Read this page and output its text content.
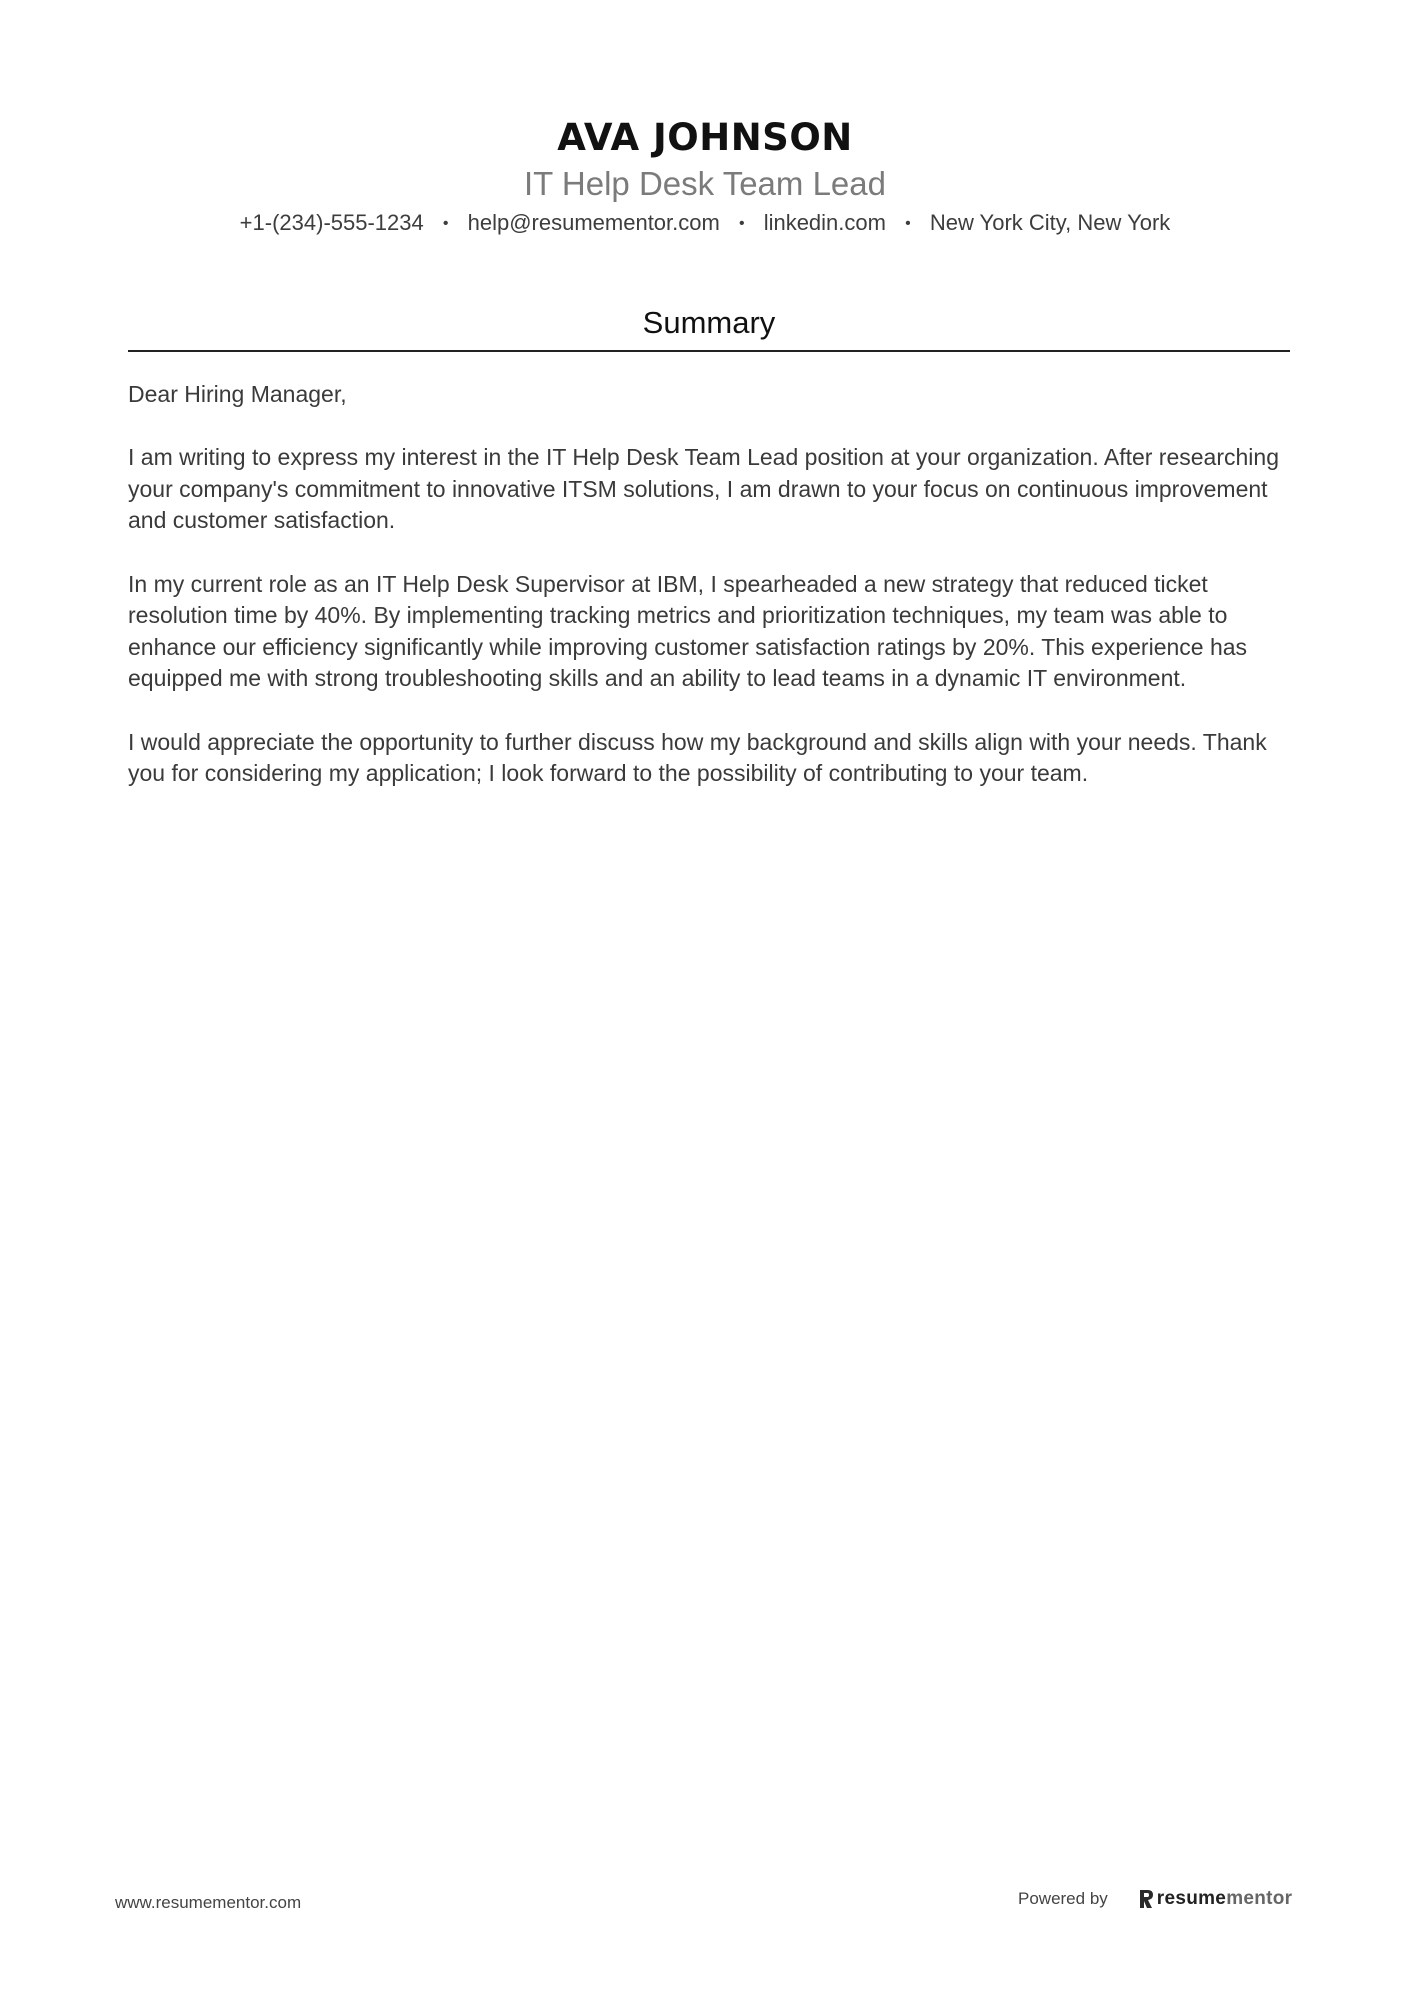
AVA JOHNSON
IT Help Desk Team Lead
+1-(234)-555-1234 • help@resumementor.com • linkedin.com • New York City, New York
Summary

Dear Hiring Manager,

I am writing to express my interest in the IT Help Desk Team Lead position at your organization. After researching your company's commitment to innovative ITSM solutions, I am drawn to your focus on continuous improvement and customer satisfaction.

In my current role as an IT Help Desk Supervisor at IBM, I spearheaded a new strategy that reduced ticket resolution time by 40%. By implementing tracking metrics and prioritization techniques, my team was able to enhance our efficiency significantly while improving customer satisfaction ratings by 20%. This experience has equipped me with strong troubleshooting skills and an ability to lead teams in a dynamic IT environment.

I would appreciate the opportunity to further discuss how my background and skills align with your needs. Thank you for considering my application; I look forward to the possibility of contributing to your team.

www.resumementor.com	Powered by	resume mentor
